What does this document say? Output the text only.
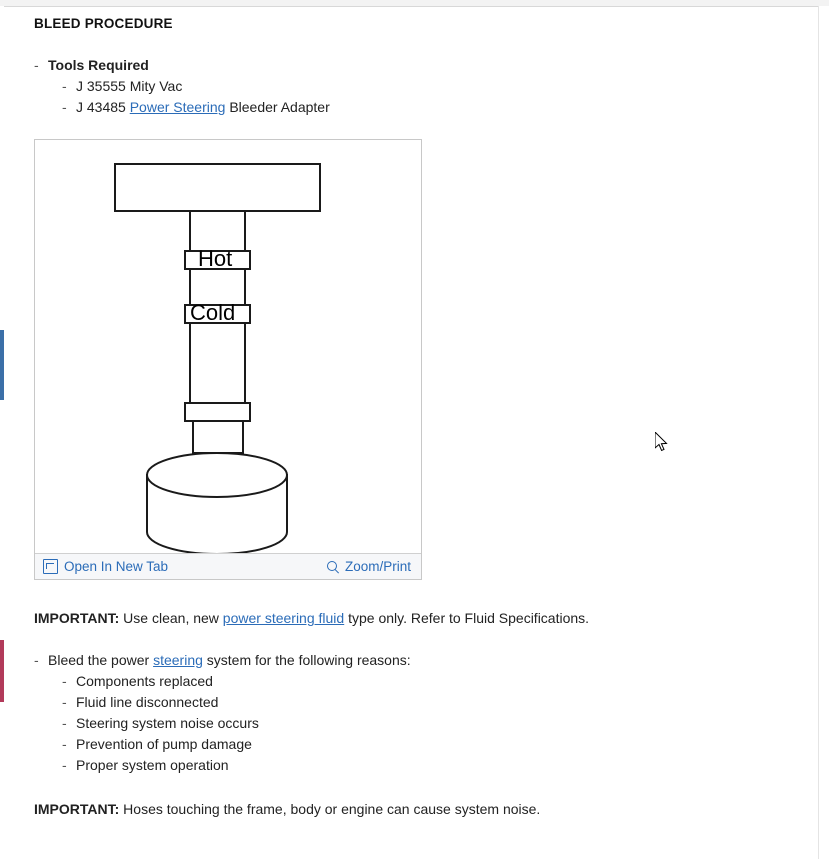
BLEED PROCEDURE
- Tools Required
- J 35555 Mity Vac
- J 43485 Power Steering Bleeder Adapter
Hot
Cold
Open In New Tab	Zoom/Print
IMPORTANT: Use clean, new power steering fluid type only. Refer to Fluid Specifications.
- Bleed the power steering system for the following reasons:
- Components replaced
- Fluid line disconnected
- Steering system noise occurs
- Prevention of pump damage
- Proper system operation
IMPORTANT: Hoses touching the frame, body or engine can cause system noise.
